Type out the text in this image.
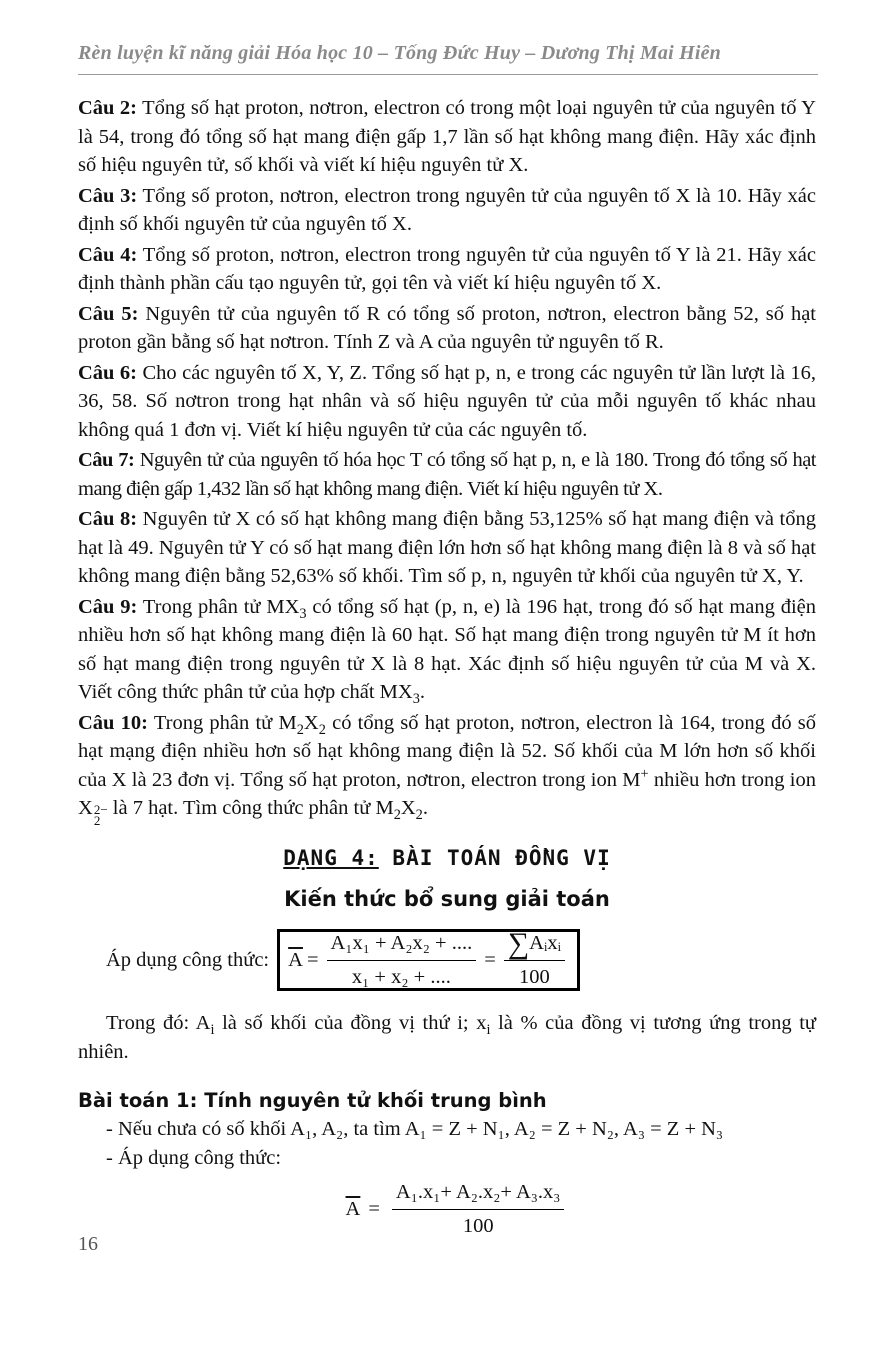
Rèn luyện kĩ năng giải Hóa học 10 – Tống Đức Huy – Dương Thị Mai Hiên

Câu 2: Tổng số hạt proton, nơtron, electron có trong một loại nguyên tử của nguyên tố Y là 54, trong đó tổng số hạt mang điện gấp 1,7 lần số hạt không mang điện. Hãy xác định số hiệu nguyên tử, số khối và viết kí hiệu nguyên tử X.

Câu 3: Tổng số proton, nơtron, electron trong nguyên tử của nguyên tố X là 10. Hãy xác định số khối nguyên tử của nguyên tố X.

Câu 4: Tổng số proton, nơtron, electron trong nguyên tử của nguyên tố Y là 21. Hãy xác định thành phần cấu tạo nguyên tử, gọi tên và viết kí hiệu nguyên tố X.

Câu 5: Nguyên tử của nguyên tố R có tổng số proton, nơtron, electron bằng 52, số hạt proton gần bằng số hạt nơtron. Tính Z và A của nguyên tử nguyên tố R.

Câu 6: Cho các nguyên tố X, Y, Z. Tổng số hạt p, n, e trong các nguyên tử lần lượt là 16, 36, 58. Số nơtron trong hạt nhân và số hiệu nguyên tử của mỗi nguyên tố khác nhau không quá 1 đơn vị. Viết kí hiệu nguyên tử của các nguyên tố.

Câu 7: Nguyên tử của nguyên tố hóa học T có tổng số hạt p, n, e là 180. Trong đó tổng số hạt mang điện gấp 1,432 lần số hạt không mang điện. Viết kí hiệu nguyên tử X.

Câu 8: Nguyên tử X có số hạt không mang điện bằng 53,125% số hạt mang điện và tổng hạt là 49. Nguyên tử Y có số hạt mang điện lớn hơn số hạt không mang điện là 8 và số hạt không mang điện bằng 52,63% số khối. Tìm số p, n, nguyên tử khối của nguyên tử X, Y.

Câu 9: Trong phân tử $MX_3$ có tổng số hạt (p, n, e) là 196 hạt, trong đó số hạt mang điện nhiều hơn số hạt không mang điện là 60 hạt. Số hạt mang điện trong nguyên tử M ít hơn số hạt mang điện trong nguyên tử X là 8 hạt. Xác định số hiệu nguyên tử của M và X. Viết công thức phân tử của hợp chất $MX_3$.

Câu 10: Trong phân tử $M_2X_2$ có tổng số hạt proton, nơtron, electron là 164, trong đó số hạt mạng điện nhiều hơn số hạt không mang điện là 52. Số khối của M lớn hơn số khối của X là 23 đơn vị. Tổng số hạt proton, nơtron, electron trong ion M+ nhiều hơn trong ion X 2−
2
là 7 hạt. Tìm công thức phân tử $M_2X_2$.

DẠNG 4: BÀI TOÁN ĐỒNG VỊ
Kiến thức bổ sung giải toán
Áp dụng công thức: $\overline{A} = \frac{\text{A₁x₁ + A₂x₂ + ....}}{\text{x₁ + x₂ + ....}} = \frac{\text{∑Aᵢxᵢ}}{100}$

Trong đó: $A_i$ là số khối của đồng vị thứ i; $x_i$ là % của đồng vị tương ứng trong tự nhiên.

Bài toán 1: Tính nguyên tử khối trung bình
- Nếu chưa có số khối A₁, A₂, ta tìm A₁ = Z + N₁, A₂ = Z + N₂, A₃ = Z + N₃
- Áp dụng công thức:
$\overline{A} = \frac{\text{A₁.x₁+ A₂.x₂+ A₃.x₃}}{100}$
16
